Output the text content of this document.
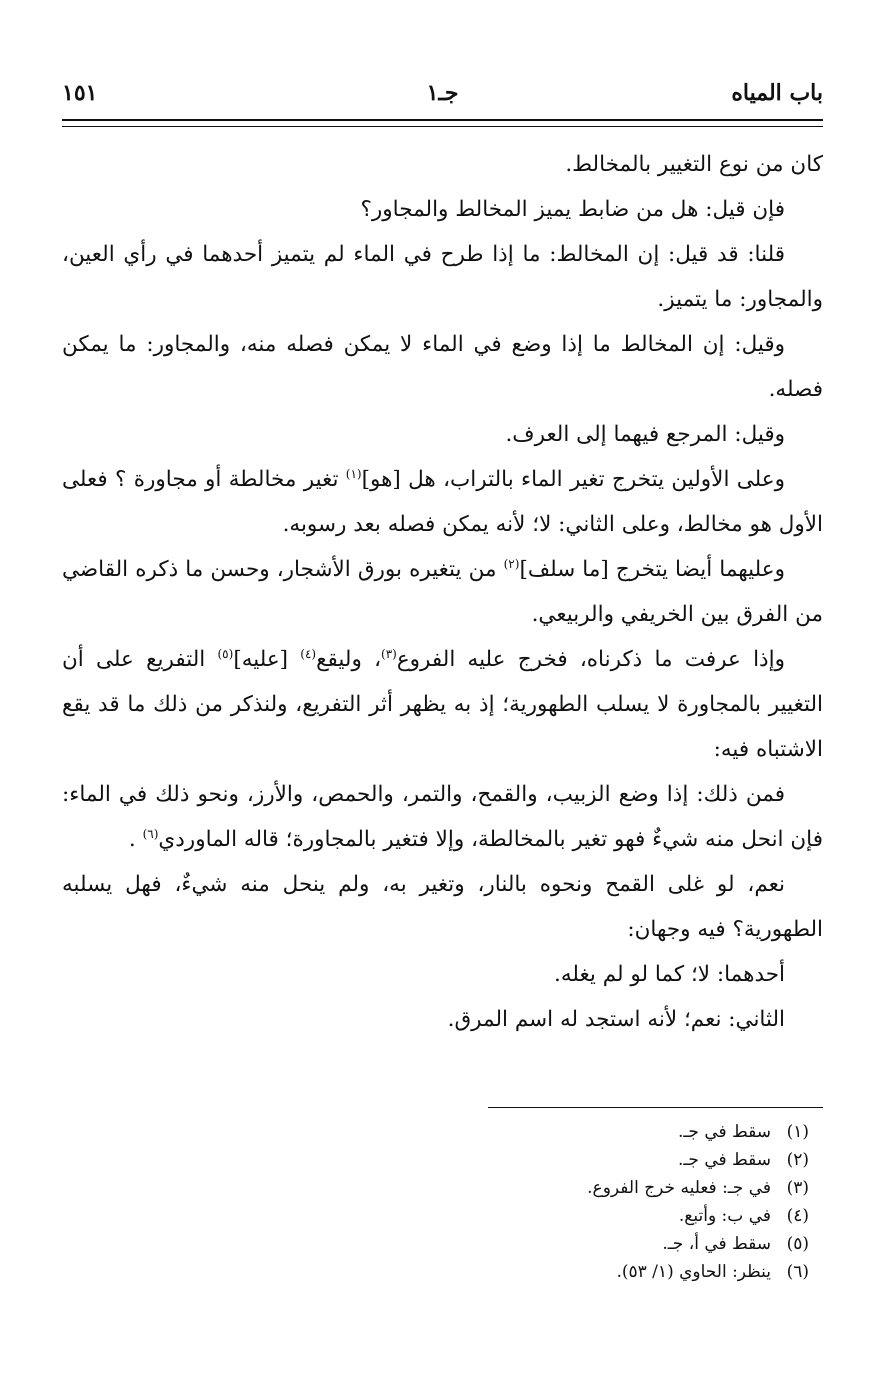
باب المياه
جـ١
١٥١

كان من نوع التغيير بالمخالط.

فإن قيل: هل من ضابط يميز المخالط والمجاور؟

قلنا: قد قيل: إن المخالط: ما إذا طرح في الماء لم يتميز أحدهما في رأي العين، والمجاور: ما يتميز.

وقيل: إن المخالط ما إذا وضع في الماء لا يمكن فصله منه، والمجاور: ما يمكن فصله.

وقيل: المرجع فيهما إلى العرف.

وعلى الأولين يتخرج تغير الماء بالتراب، هل [هو]$^{(١)}$ تغير مخالطة أو مجاورة ؟ فعلى الأول هو مخالط، وعلى الثاني: لا؛ لأنه يمكن فصله بعد رسوبه.

وعليهما أيضا يتخرج [ما سلف]$^{(٢)}$ من يتغيره بورق الأشجار، وحسن ما ذكره القاضي من الفرق بين الخريفي والربيعي.

وإذا عرفت ما ذكرناه، فخرج عليه الفروع$^{(٣)}$، وليقع$^{(٤)}$ [عليه]$^{(٥)}$ التفريع على أن التغيير بالمجاورة لا يسلب الطهورية؛ إذ به يظهر أثر التفريع، ولنذكر من ذلك ما قد يقع الاشتباه فيه:

فمن ذلك: إذا وضع الزبيب، والقمح، والتمر، والحمص، والأرز، ونحو ذلك في الماء: فإن انحل منه شيءٌ فهو تغير بالمخالطة، وإلا فتغير بالمجاورة؛ قاله الماوردي$^{(٦)}$ .

نعم، لو غلى القمح ونحوه بالنار، وتغير به، ولم ينحل منه شيءٌ، فهل يسلبه الطهورية؟ فيه وجهان:

أحدهما: لا؛ كما لو لم يغله.

الثاني: نعم؛ لأنه استجد له اسم المرق.

(١)سقط في جـ.
(٢)سقط في جـ.
(٣)في جـ: فعليه خرج الفروع.
(٤)في ب: وأتبع.
(٥)سقط في أ، جـ.
(٦)ينظر: الحاوي (١/ ٥٣).
